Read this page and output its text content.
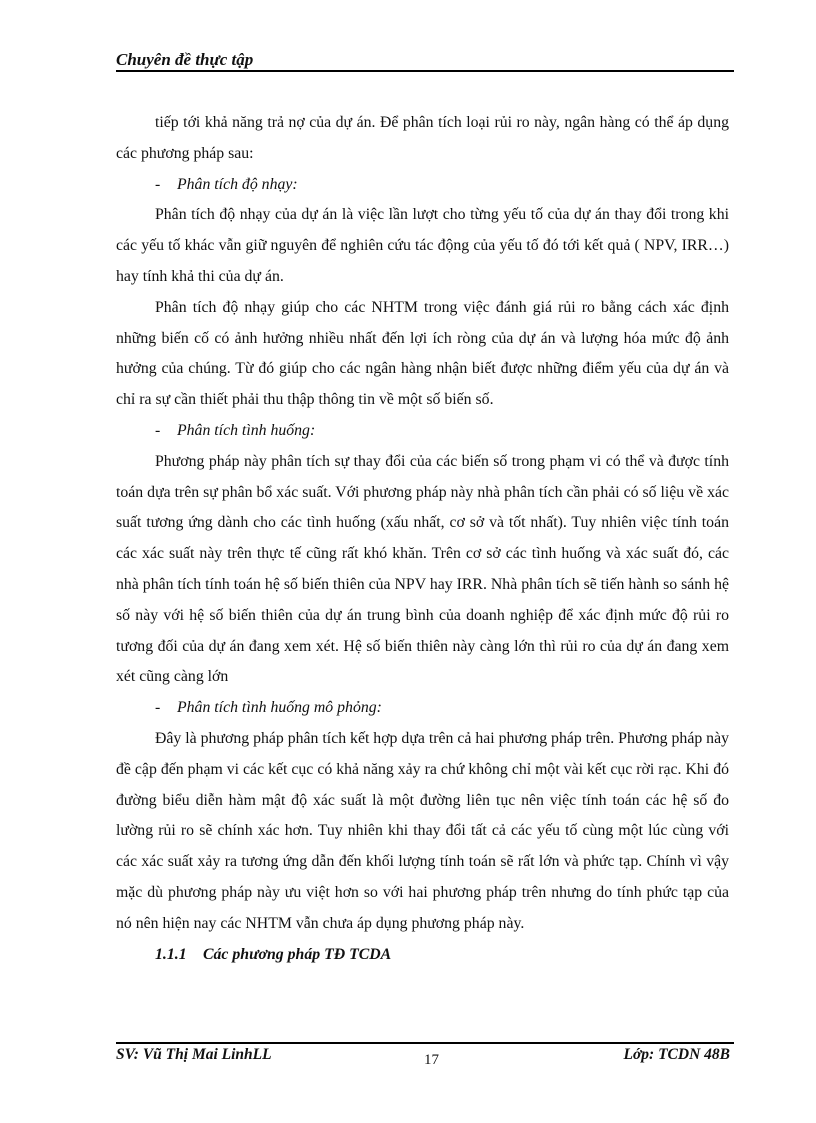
Chuyên đề thực tập

tiếp tới khả năng trả nợ của dự án. Để phân tích loại rủi ro này, ngân hàng có thể áp dụng các phương pháp sau:

- Phân tích độ nhạy:

Phân tích độ nhạy của dự án là việc lần lượt cho từng yếu tố của dự án thay đổi trong khi các yếu tố khác vẫn giữ nguyên để nghiên cứu tác động của yếu tố đó tới kết quả ( NPV, IRR…) hay tính khả thi của dự án.

Phân tích độ nhạy giúp cho các NHTM trong việc đánh giá rủi ro bằng cách xác định những biến cố có ảnh hưởng nhiều nhất đến lợi ích ròng của dự án và lượng hóa mức độ ảnh hưởng của chúng. Từ đó giúp cho các ngân hàng nhận biết được những điểm yếu của dự án và chỉ ra sự cần thiết phải thu thập thông tin về một số biến số.

- Phân tích tình huống:

Phương pháp này phân tích sự thay đổi của các biến số trong phạm vi có thể và được tính toán dựa trên sự phân bổ xác suất. Với phương pháp này nhà phân tích cần phải có số liệu về xác suất tương ứng dành cho các tình huống (xấu nhất, cơ sở và tốt nhất). Tuy nhiên việc tính toán các xác suất này trên thực tế cũng rất khó khăn. Trên cơ sở các tình huống và xác suất đó, các nhà phân tích tính toán hệ số biến thiên của NPV hay IRR. Nhà phân tích sẽ tiến hành so sánh hệ số này với hệ số biến thiên của dự án trung bình của doanh nghiệp để xác định mức độ rủi ro tương đối của dự án đang xem xét. Hệ số biến thiên này càng lớn thì rủi ro của dự án đang xem xét cũng càng lớn

- Phân tích tình huống mô phỏng:

Đây là phương pháp phân tích kết hợp dựa trên cả hai phương pháp trên. Phương pháp này đề cập đến phạm vi các kết cục có khả năng xảy ra chứ không chỉ một vài kết cục rời rạc. Khi đó đường biểu diễn hàm mật độ xác suất là một đường liên tục nên việc tính toán các hệ số đo lường rủi ro sẽ chính xác hơn. Tuy nhiên khi thay đổi tất cả các yếu tố cùng một lúc cùng với các xác suất xảy ra tương ứng dẫn đến khối lượng tính toán sẽ rất lớn và phức tạp. Chính vì vậy mặc dù phương pháp này ưu việt hơn so với hai phương pháp trên nhưng do tính phức tạp của nó nên hiện nay các NHTM vẫn chưa áp dụng phương pháp này.

1.1.1 Các phương pháp TĐ TCDA

SV: Vũ Thị Mai LinhLL	17	Lớp: TCDN 48B
